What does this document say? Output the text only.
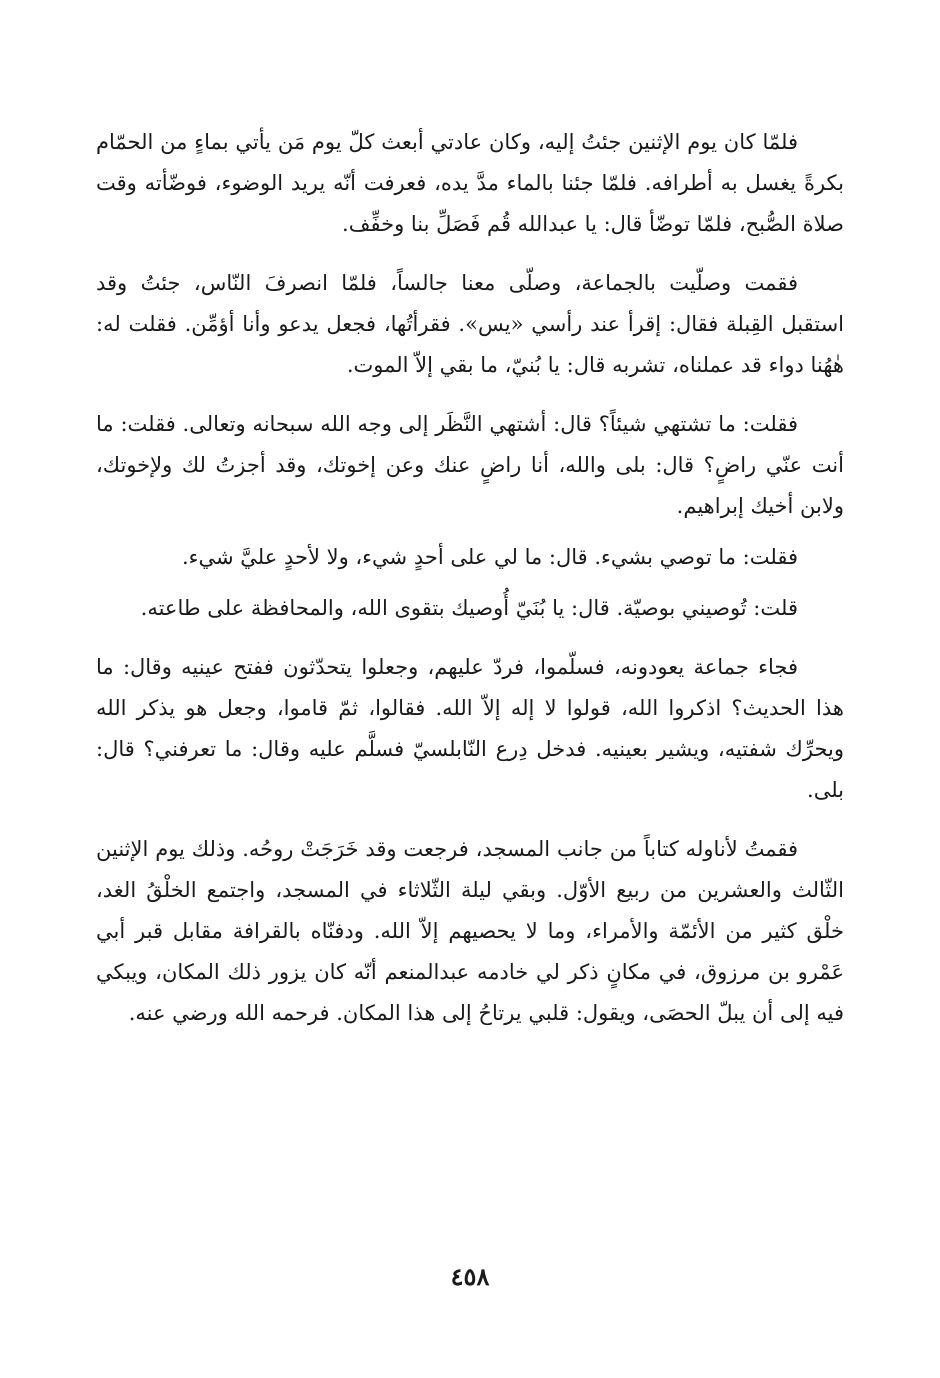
فلمّا كان يوم الإثنين جئتُ إليه، وكان عادتي أبعث كلّ يوم مَن يأتي بماءٍ من الحمّام بكرةً يغسل به أطرافه. فلمّا جئنا بالماء مدَّ يده، فعرفت أنّه يريد الوضوء، فوضّأته وقت صلاة الصُّبح، فلمّا توضّأ قال: يا عبدالله قُم فَصَلِّ بنا وخفِّف.

فقمت وصلّيت بالجماعة، وصلّى معنا جالساً، فلمّا انصرفَ النّاس، جئتُ وقد استقبل القِبلة فقال: إقرأ عند رأسي «يس». فقرأتُها، فجعل يدعو وأنا أؤمِّن. فقلت له: هٰهُنا دواء قد عملناه، تشربه قال: يا بُنيّ، ما بقي إلاّ الموت.

فقلت: ما تشتهي شيئاً؟ قال: أشتهي النَّظَر إلى وجه الله سبحانه وتعالى. فقلت: ما أنت عنّي راضٍ؟ قال: بلى والله، أنا راضٍ عنك وعن إخوتك، وقد أجزتُ لك ولإخوتك، ولابن أخيك إبراهيم.

فقلت: ما توصي بشيء. قال: ما لي على أحدٍ شيء، ولا لأحدٍ عليَّ شيء.

قلت: تُوصيني بوصيّة. قال: يا بُنَيّ أُوصيك بتقوى الله، والمحافظة على طاعته.

فجاء جماعة يعودونه، فسلّموا، فردّ عليهم، وجعلوا يتحدّثون ففتح عينيه وقال: ما هذا الحديث؟ اذكروا الله، قولوا لا إله إلاّ الله. فقالوا، ثمّ قاموا، وجعل هو يذكر الله ويحرِّك شفتيه، ويشير بعينيه. فدخل دِرع النّابلسيّ فسلَّم عليه وقال: ما تعرفني؟ قال: بلى.

فقمتُ لأناوله كتاباً من جانب المسجد، فرجعت وقد خَرَجَتْ روحُه. وذلك يوم الإثنين الثّالث والعشرين من ربيع الأوّل. وبقي ليلة الثّلاثاء في المسجد، واجتمع الخلْقُ الغد، خلْق كثير من الأئمّة والأمراء، وما لا يحصيهم إلاّ الله. ودفنّاه بالقرافة مقابل قبر أبي عَمْرو بن مرزوق، في مكانٍ ذكر لي خادمه عبدالمنعم أنّه كان يزور ذلك المكان، ويبكي فيه إلى أن يبلّ الحصَى، ويقول: قلبي يرتاحُ إلى هذا المكان. فرحمه الله ورضي عنه.

٤٥٨
